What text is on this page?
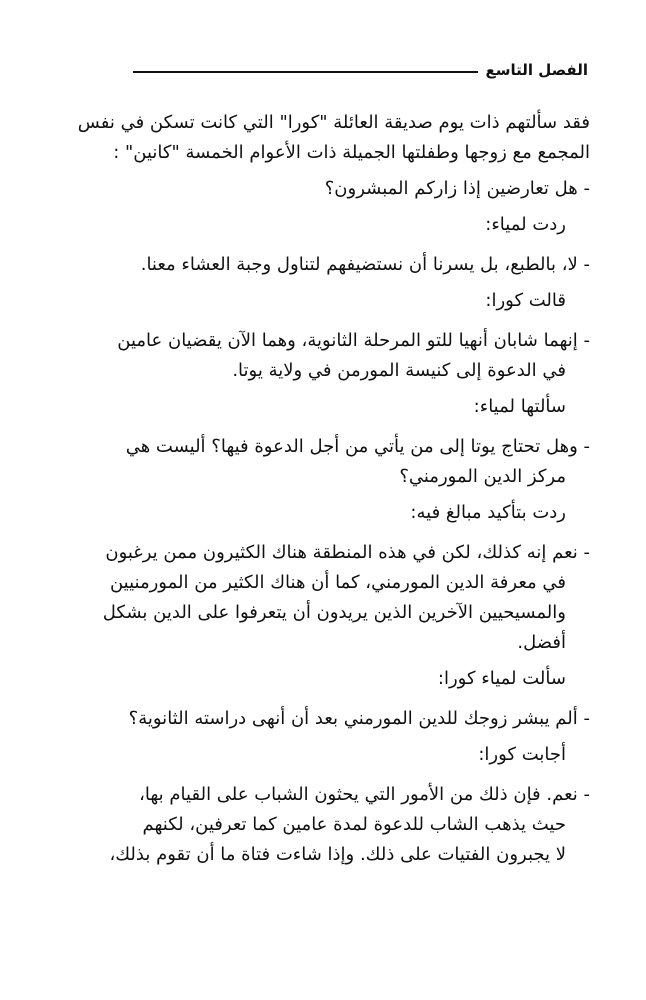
الفصل التاسع
فقد سألتهم ذات يوم صديقة العائلة "كورا" التي كانت تسكن في نفس
المجمع مع زوجها وطفلتها الجميلة ذات الأعوام الخمسة "كانين" :
- هل تعارضين إذا زاركم المبشرون؟
ردت لمياء:
- لا، بالطبع، بل يسرنا أن نستضيفهم لتناول وجبة العشاء معنا.
قالت كورا:
- إنهما شابان أنهيا للتو المرحلة الثانوية، وهما الآن يقضيان عامين
في الدعوة إلى كنيسة المورمن في ولاية يوتا.
سألتها لمياء:
- وهل تحتاج يوتا إلى من يأتي من أجل الدعوة فيها؟ أليست هي
مركز الدين المورمني؟
ردت بتأكيد مبالغ فيه:
- نعم إنه كذلك، لكن في هذه المنطقة هناك الكثيرون ممن يرغبون
في معرفة الدين المورمني، كما أن هناك الكثير من المورمنيين
والمسيحيين الآخرين الذين يريدون أن يتعرفوا على الدين بشكل
أفضل.
سألت لمياء كورا:
- ألم يبشر زوجك للدين المورمني بعد أن أنهى دراسته الثانوية؟
أجابت كورا:
- نعم. فإن ذلك من الأمور التي يحثون الشباب على القيام بها،
حيث يذهب الشاب للدعوة لمدة عامين كما تعرفين، لكنهم
لا يجبرون الفتيات على ذلك. وإذا شاءت فتاة ما أن تقوم بذلك،
